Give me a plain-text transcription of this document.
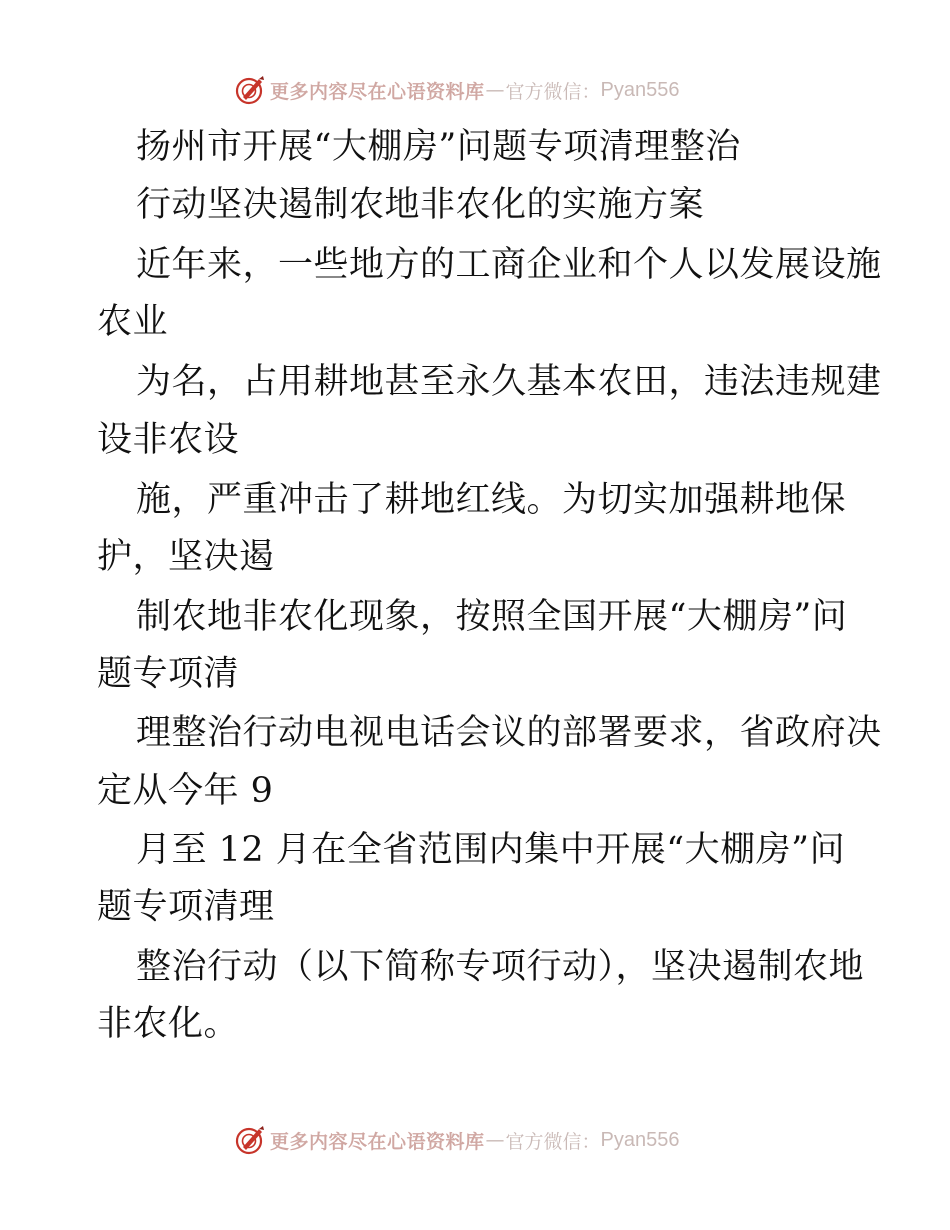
更多内容尽在心语资料库 — 官方微信： Pyan556
扬州市开展“大棚房”问题专项清理整治
行动坚决遏制农地非农化的实施方案
近年来，一些地方的工商企业和个人以发展设施
农业
为名，占用耕地甚至永久基本农田，违法违规建
设非农设
施，严重冲击了耕地红线。为切实加强耕地保
护，坚决遏
制农地非农化现象，按照全国开展“大棚房”问
题专项清
理整治行动电视电话会议的部署要求，省政府决
定从今年 9
月至 12 月在全省范围内集中开展“大棚房”问
题专项清理
整治行动（以下简称专项行动），坚决遏制农地
非农化。
更多内容尽在心语资料库 — 官方微信： Pyan556
